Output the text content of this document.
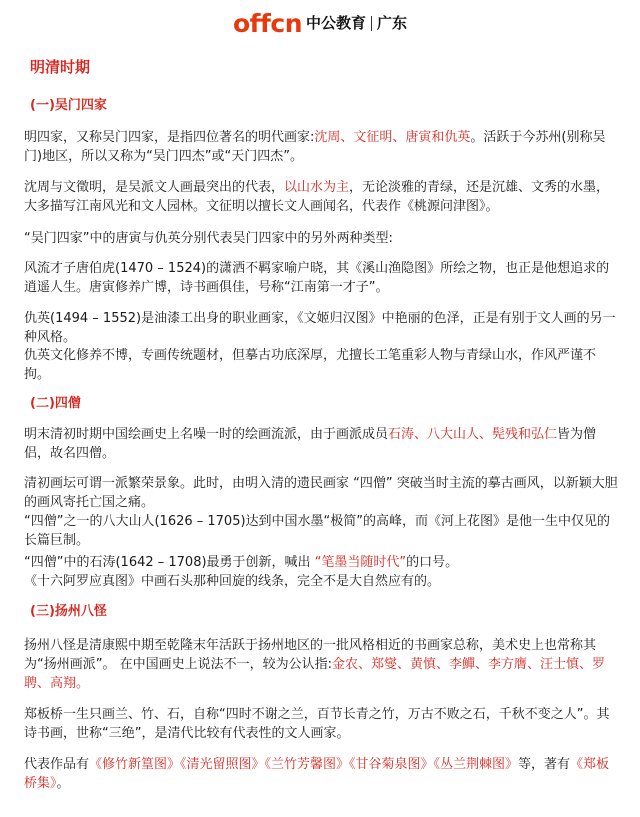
offcn 中公教育 广东
明清时期
(一)吴门四家
明四家，又称吴门四家，是指四位著名的明代画家:沈周、文征明、唐寅和仇英。活跃于今苏州(别称吴门)地区，所以又称为“吴门四杰”或“天门四杰”。
沈周与文徵明，是吴派文人画最突出的代表，以山水为主，无论淡雅的青绿，还是沉雄、文秀的水墨，大多描写江南风光和文人园林。文征明以擅长文人画闻名，代表作《桃源问津图》。
“吴门四家”中的唐寅与仇英分别代表吴门四家中的另外两种类型:
风流才子唐伯虎(1470 – 1524)的潇洒不羁家喻户晓，其《溪山渔隐图》所绘之物，也正是他想追求的逍遥人生。唐寅修养广博，诗书画俱佳，号称“江南第一才子”。
仇英(1494 – 1552)是油漆工出身的职业画家，《文姬归汉图》中艳丽的色泽，正是有别于文人画的另一种风格。
仇英文化修养不博，专画传统题材，但摹古功底深厚，尤擅长工笔重彩人物与青绿山水，作风严谨不拘。
(二)四僧
明末清初时期中国绘画史上名噪一时的绘画流派，由于画派成员石涛、八大山人、髡残和弘仁皆为僧侣，故名四僧。
清初画坛可谓一派繁荣景象。此时，由明入清的遗民画家 “四僧” 突破当时主流的摹古画风，以新颖大胆的画风寄托亡国之痛。
“四僧”之一的八大山人(1626 – 1705)达到中国水墨“极简”的高峰，而《河上花图》是他一生中仅见的长篇巨制。
“四僧”中的石涛(1642 – 1708)最勇于创新，喊出 “笔墨当随时代”的口号。
《十六阿罗应真图》中画石头那种回旋的线条，完全不是大自然应有的。
(三)扬州八怪
扬州八怪是清康熙中期至乾隆末年活跃于扬州地区的一批风格相近的书画家总称，美术史上也常称其为“扬州画派”。 在中国画史上说法不一，较为公认指:金农、郑燮、黄慎、李鱓、李方膺、汪士慎、罗聘、高翔。
郑板桥一生只画兰、竹、石，自称“四时不谢之兰，百节长青之竹，万古不败之石，千秋不变之人”。其诗书画，世称“三绝”，是清代比较有代表性的文人画家。
代表作品有《修竹新篁图》《清光留照图》《兰竹芳馨图》《甘谷菊泉图》《丛兰荆棘图》等，著有《郑板桥集》。
